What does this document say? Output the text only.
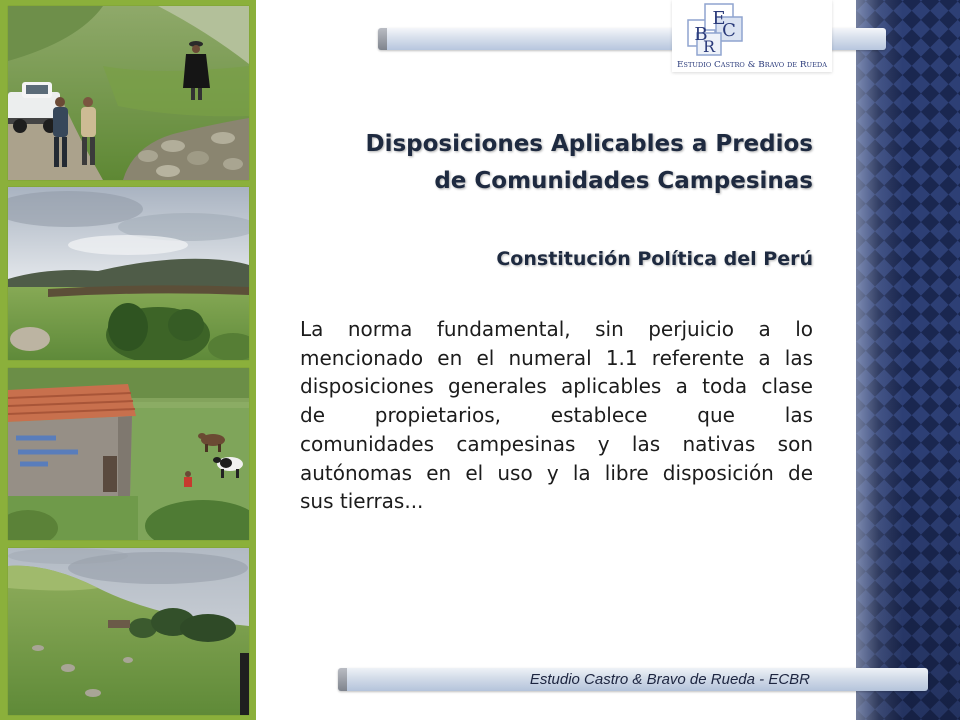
E
C
B
R
Estudio Castro & Bravo de Rueda
Disposiciones Aplicables a Predios
de Comunidades Campesinas
Constitución Política del Perú
La norma fundamental, sin perjuicio a lo
mencionado en el numeral 1.1 referente a las
disposiciones generales aplicables a toda clase
de propietarios, establece que las
comunidades campesinas y las nativas son
autónomas en el uso y la libre disposición de
sus tierras...
Estudio Castro & Bravo de Rueda - ECBR
